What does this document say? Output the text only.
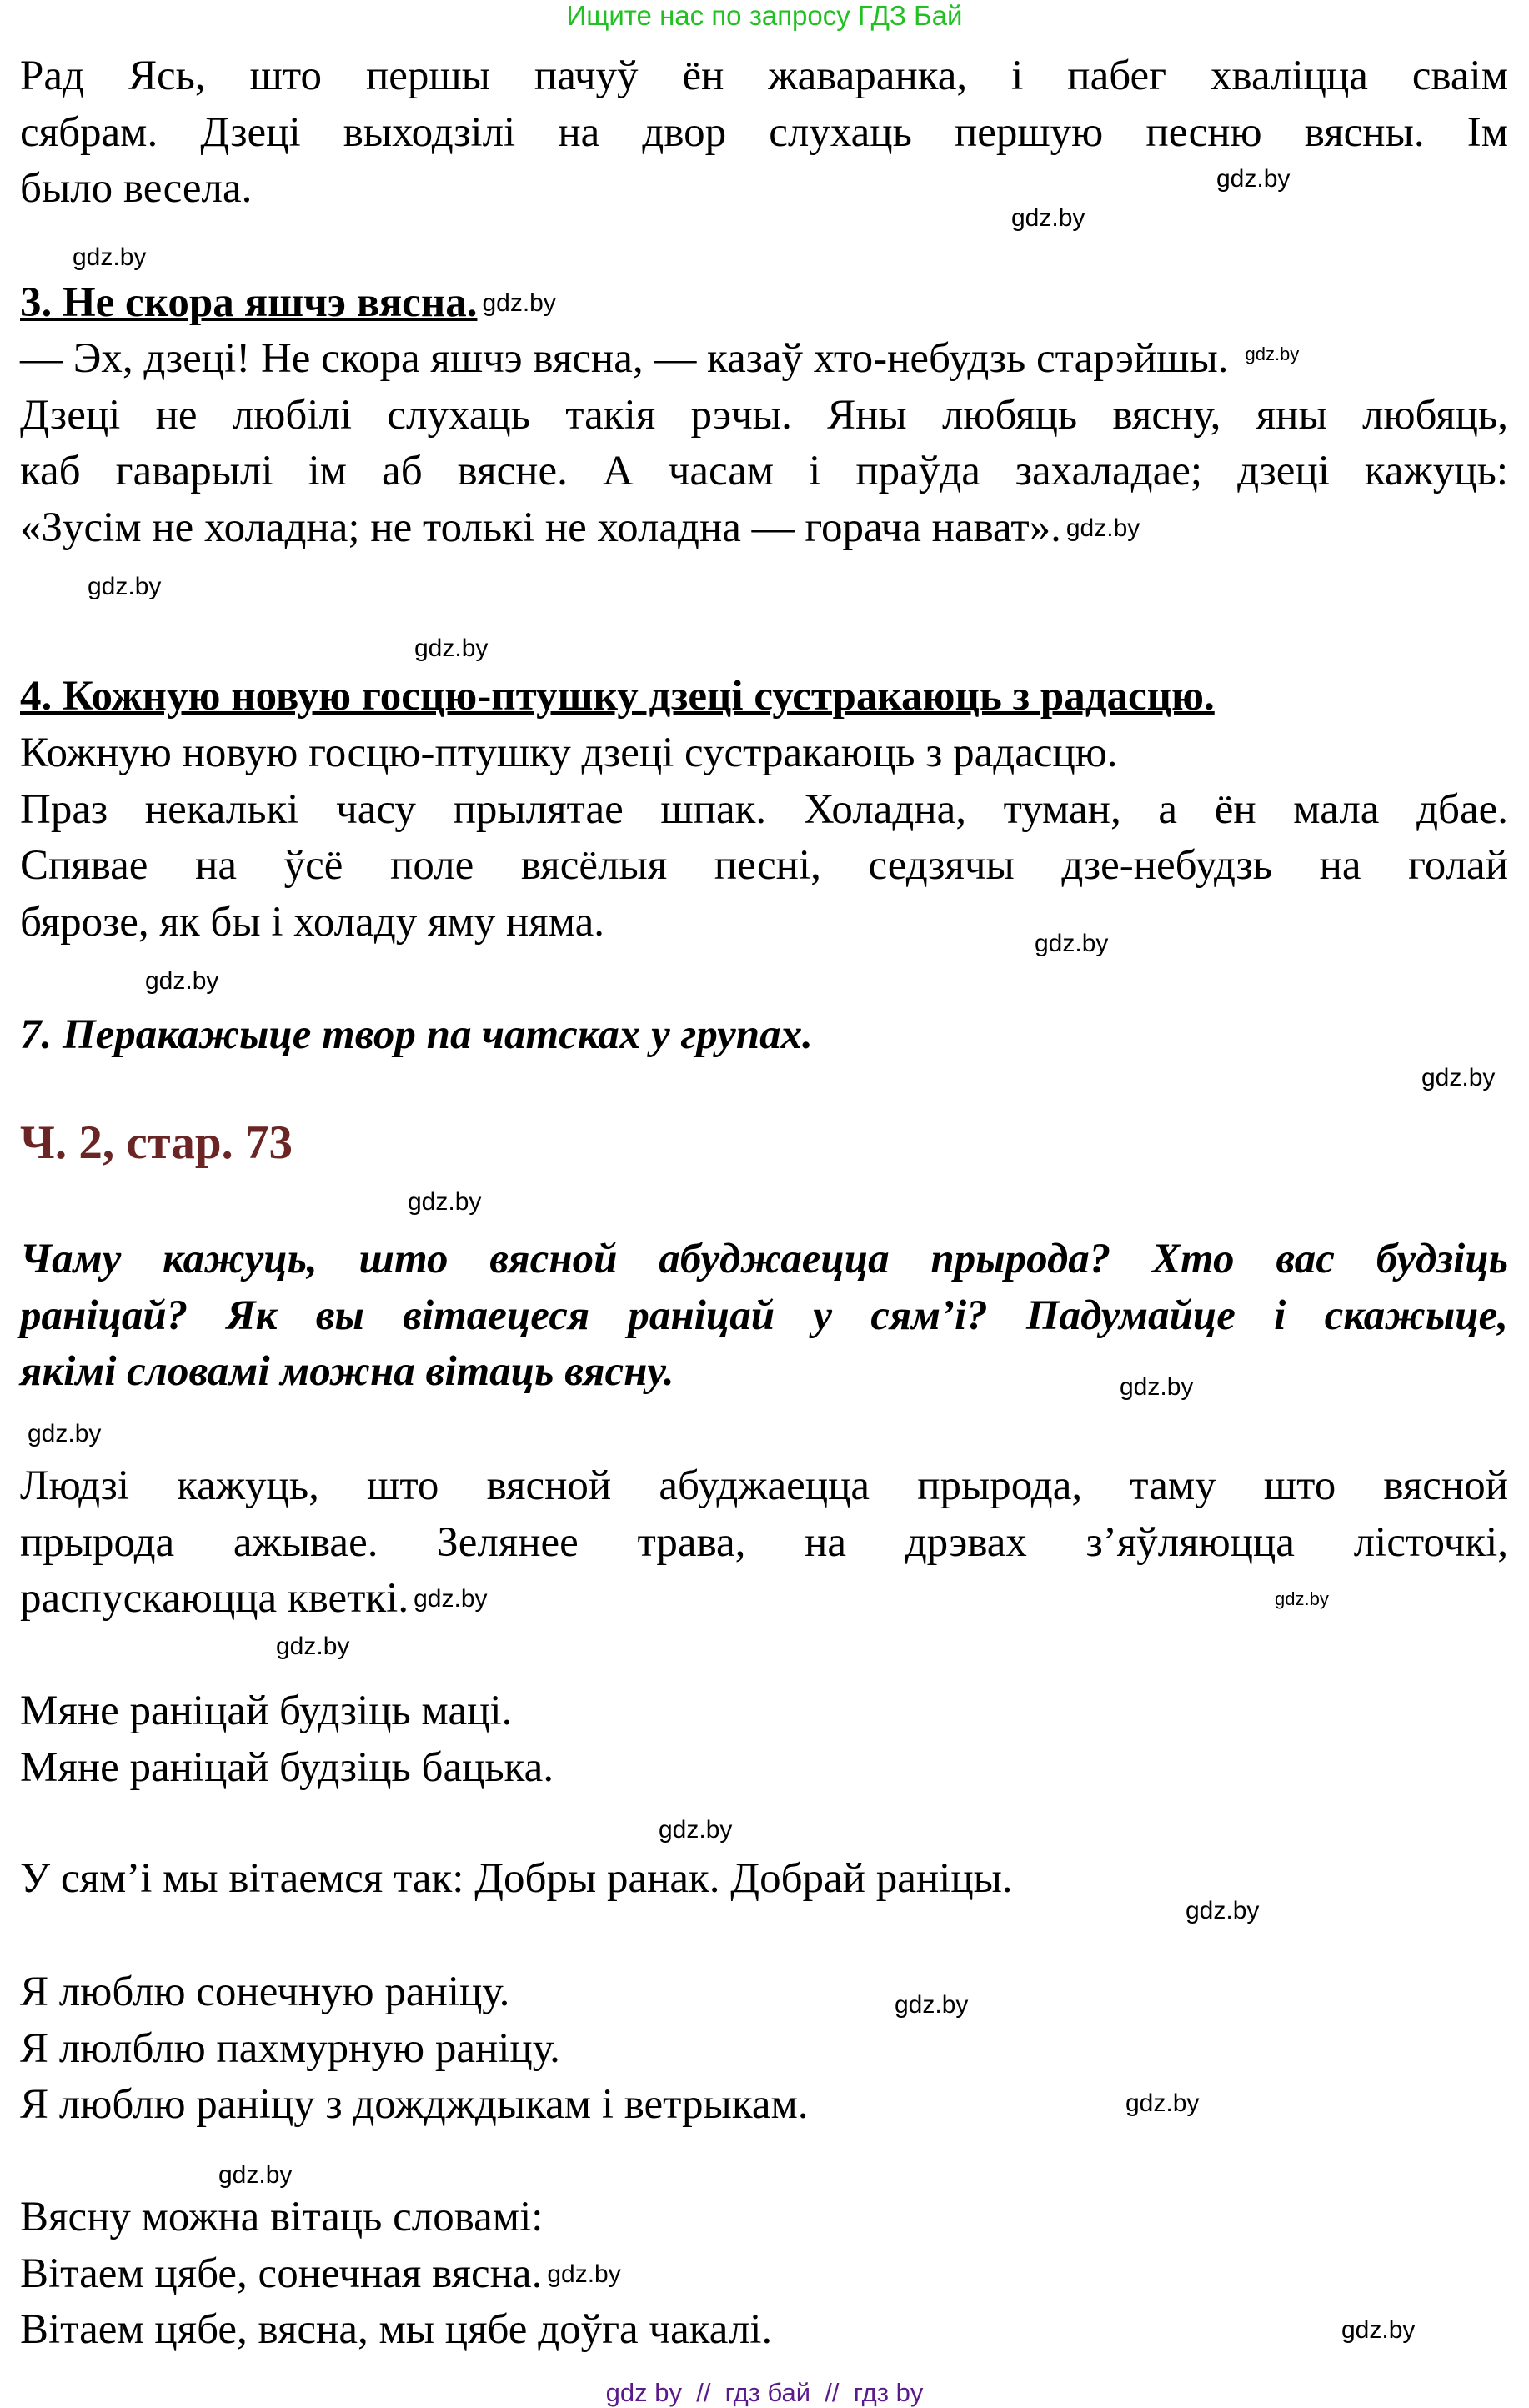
Ищите нас по запросу ГДЗ Бай
Рад Ясь, што першы пачуў ён жаваранка, і пабег хваліцца сваім
сябрам. Дзеці выходзілі на двор слухаць першую песню вясны. Ім
было весела.
3. Не скора яшчэ вясна. gdz.by
— Эх, дзеці! Не скора яшчэ вясна, — казаў хто-небудзь старэйшы. $^{gdz.by}$
Дзеці не любілі слухаць такія рэчы. Яны любяць вясну, яны любяць,
каб гаварылі ім аб вясне. А часам і праўда захаладае; дзеці кажуць:
«Зусім не холадна; не толькі не холадна — горача нават». gdz.by
4. Кожную новую госцю-птушку дзеці сустракаюць з радасцю.
Кожную новую госцю-птушку дзеці сустракаюць з радасцю.
Праз некалькі часу прылятае шпак. Холадна, туман, а ён мала дбае.
Спявае на ўсё поле вясёлыя песні, седзячы дзе-небудзь на голай
бярозе, як бы і холаду яму няма.
7. Перакажыце твор па чатсках у групах.
Ч. 2, стар. 73
Чаму кажуць, што вясной абуджаецца прырода? Хто вас будзіць
раніцай? Як вы вітаецеся раніцай у сям’і? Падумайце і скажыце,
якімі словамі можна вітаць вясну.
Людзі кажуць, што вясной абуджаецца прырода, таму што вясной
прырода ажывае. Зелянее трава, на дрэвах з’яўляюцца лісточкі,
распускаюцца кветкі. gdz.by
Мяне раніцай будзіць маці.
Мяне раніцай будзіць бацька.
У сям’і мы вітаемся так: Добры ранак. Добрай раніцы.
Я люблю сонечную раніцу.
Я люлблю пахмурную раніцу.
Я люблю раніцу з дождждыкам і ветрыкам.
Вясну можна вітаць словамі:
Вітаем цябе, сонечная вясна. gdz.by
Вітаем цябе, вясна, мы цябе доўга чакалі.
gdz.by
gdz.by
gdz.by
gdz.by
gdz.by
gdz.by
gdz.by
gdz.by
gdz.by
gdz.by
gdz.by
gdz.by
gdz.by
gdz.by
gdz.by
gdz.by
gdz.by
gdz.by
gdz.by
gdz by  //  гдз бай  //  гдз by
